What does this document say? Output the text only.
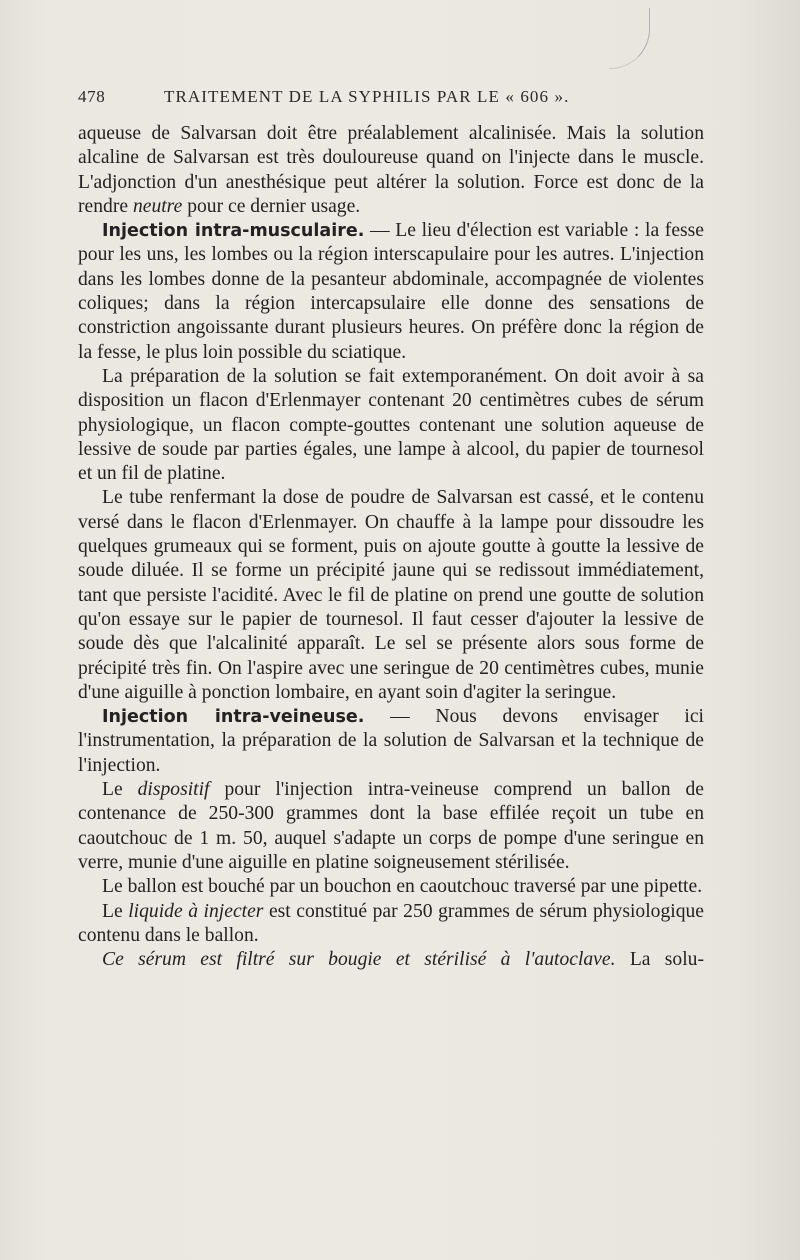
478	TRAITEMENT DE LA SYPHILIS PAR LE « 606 ».

aqueuse de Salvarsan doit être préalablement alcalinisée. Mais la solution alcaline de Salvarsan est très douloureuse quand on l'injecte dans le muscle. L'adjonction d'un anesthésique peut altérer la solution. Force est donc de la rendre neutre pour ce dernier usage.

Injection intra-musculaire. — Le lieu d'élection est variable : la fesse pour les uns, les lombes ou la région interscapulaire pour les autres. L'injection dans les lombes donne de la pesanteur abdominale, accompagnée de violentes coliques; dans la région intercapsulaire elle donne des sensations de constriction angoissante durant plusieurs heures. On préfère donc la région de la fesse, le plus loin possible du sciatique.

La préparation de la solution se fait extemporanément. On doit avoir à sa disposition un flacon d'Erlenmayer contenant 20 centimètres cubes de sérum physiologique, un flacon compte-gouttes contenant une solution aqueuse de lessive de soude par parties égales, une lampe à alcool, du papier de tournesol et un fil de platine.

Le tube renfermant la dose de poudre de Salvarsan est cassé, et le contenu versé dans le flacon d'Erlenmayer. On chauffe à la lampe pour dissoudre les quelques grumeaux qui se forment, puis on ajoute goutte à goutte la lessive de soude diluée. Il se forme un précipité jaune qui se redissout immédiatement, tant que persiste l'acidité. Avec le fil de platine on prend une goutte de solution qu'on essaye sur le papier de tournesol. Il faut cesser d'ajouter la lessive de soude dès que l'alcalinité apparaît. Le sel se présente alors sous forme de précipité très fin. On l'aspire avec une seringue de 20 centimètres cubes, munie d'une aiguille à ponction lombaire, en ayant soin d'agiter la seringue.

Injection intra-veineuse. — Nous devons envisager ici l'instrumentation, la préparation de la solution de Salvarsan et la technique de l'injection.

Le dispositif pour l'injection intra-veineuse comprend un ballon de contenance de 250-300 grammes dont la base effilée reçoit un tube en caoutchouc de 1 m. 50, auquel s'adapte un corps de pompe d'une seringue en verre, munie d'une aiguille en platine soigneusement stérilisée.

Le ballon est bouché par un bouchon en caoutchouc traversé par une pipette.

Le liquide à injecter est constitué par 250 grammes de sérum physiologique contenu dans le ballon.

Ce sérum est filtré sur bougie et stérilisé à l'autoclave. La solu-
